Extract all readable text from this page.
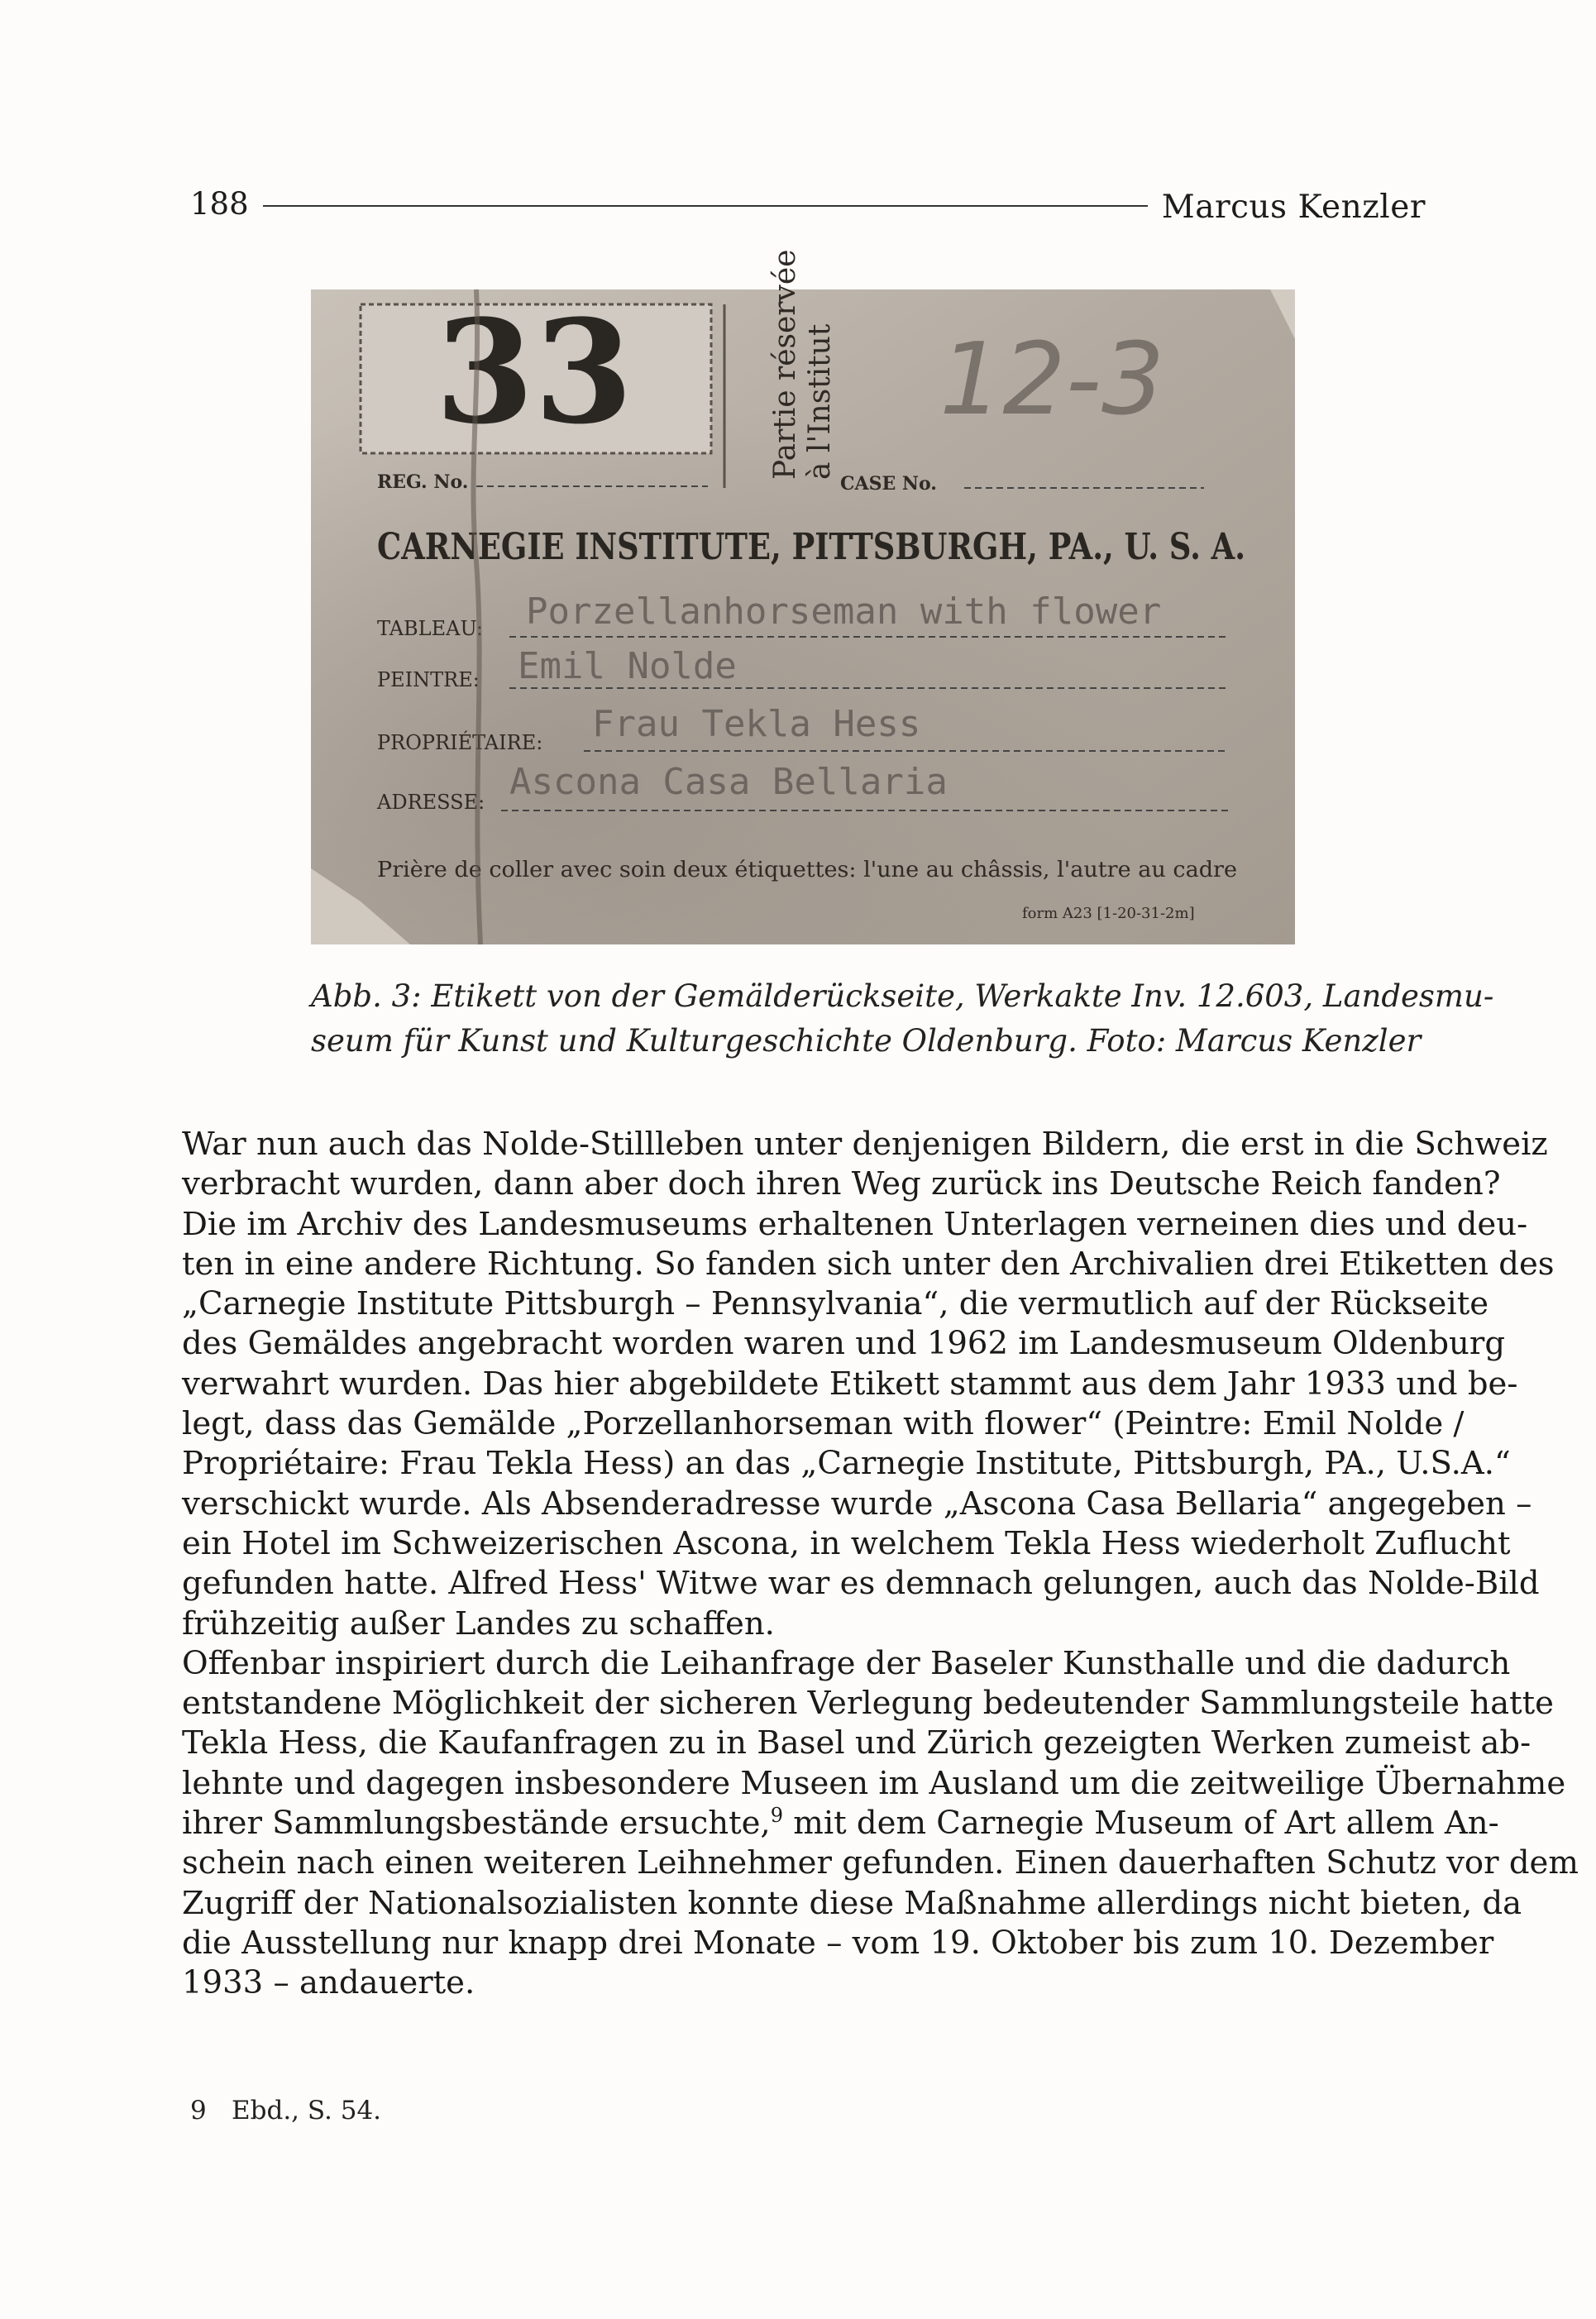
188	Marcus Kenzler
33	Partie réservée à l'Institut 12-3
REG. No.	CASE No.
CARNEGIE INSTITUTE, PITTSBURGH, PA., U. S. A.
TABLEAU: Porzellanhorseman with flower
PEINTRE: Emil Nolde
PROPRIÉTAIRE: Frau Tekla Hess
ADRESSE: Ascona Casa Bellaria
Prière de coller avec soin deux étiquettes: l'une au châssis, l'autre au cadre
form A23 [1-20-31-2m]
Abb. 3: Etikett von der Gemälderückseite, Werkakte Inv. 12.603, Landesmu-
seum für Kunst und Kulturgeschichte Oldenburg. Foto: Marcus Kenzler
War nun auch das Nolde-Stillleben unter denjenigen Bildern, die erst in die Schweiz
verbracht wurden, dann aber doch ihren Weg zurück ins Deutsche Reich fanden?
Die im Archiv des Landesmuseums erhaltenen Unterlagen verneinen dies und deu-
ten in eine andere Richtung. So fanden sich unter den Archivalien drei Etiketten des
„Carnegie Institute Pittsburgh – Pennsylvania“, die vermutlich auf der Rückseite
des Gemäldes angebracht worden waren und 1962 im Landesmuseum Oldenburg
verwahrt wurden. Das hier abgebildete Etikett stammt aus dem Jahr 1933 und be-
legt, dass das Gemälde „Porzellanhorseman with flower“ (Peintre: Emil Nolde /
Propriétaire: Frau Tekla Hess) an das „Carnegie Institute, Pittsburgh, PA., U.S.A.“
verschickt wurde. Als Absenderadresse wurde „Ascona Casa Bellaria“ angegeben –
ein Hotel im Schweizerischen Ascona, in welchem Tekla Hess wiederholt Zuflucht
gefunden hatte. Alfred Hess' Witwe war es demnach gelungen, auch das Nolde-Bild
frühzeitig außer Landes zu schaffen.
Offenbar inspiriert durch die Leihanfrage der Baseler Kunsthalle und die dadurch
entstandene Möglichkeit der sicheren Verlegung bedeutender Sammlungsteile hatte
Tekla Hess, die Kaufanfragen zu in Basel und Zürich gezeigten Werken zumeist ab-
lehnte und dagegen insbesondere Museen im Ausland um die zeitweilige Übernahme
ihrer Sammlungsbestände ersuchte,$^9$ mit dem Carnegie Museum of Art allem An-
schein nach einen weiteren Leihnehmer gefunden. Einen dauerhaften Schutz vor dem
Zugriff der Nationalsozialisten konnte diese Maßnahme allerdings nicht bieten, da
die Ausstellung nur knapp drei Monate – vom 19. Oktober bis zum 10. Dezember
1933 – andauerte.
9 Ebd., S. 54.
